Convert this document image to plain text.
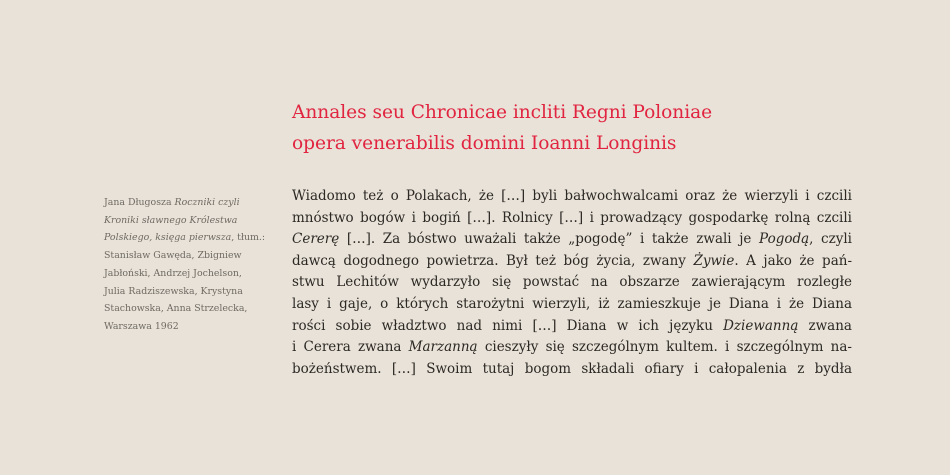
Annales seu Chronicae incliti Regni Poloniae
opera venerabilis domini Ioanni Longinis
Jana Długosza Roczniki czyli
Kroniki sławnego Królestwa
Polskiego, księga pierwsza, tłum.:
Stanisław Gawęda, Zbigniew
Jabłoński, Andrzej Jochelson,
Julia Radziszewska, Krystyna
Stachowska, Anna Strzelecka,
Warszawa 1962
Wiadomo też o Polakach, że […] byli bałwochwalcami oraz że wierzyli i czcili
mnóstwo bogów i bogiń […]. Rolnicy […] i prowadzący gospodarkę rolną czcili
Cererę […]. Za bóstwo uważali także „pogodę” i także zwali je Pogodą, czyli
dawcą dogodnego powietrza. Był też bóg życia, zwany Żywie. A jako że pań-
stwu Lechitów wydarzyło się powstać na obszarze zawierającym rozległe
lasy i gaje, o których starożytni wierzyli, iż zamieszkuje je Diana i że Diana
rości sobie władztwo nad nimi […] Diana w ich języku Dziewanną zwana
i Cerera zwana Marzanną cieszyły się szczególnym kultem. i szczególnym na-
bożeństwem. […] Swoim tutaj bogom składali ofiary i całopalenia z bydła
